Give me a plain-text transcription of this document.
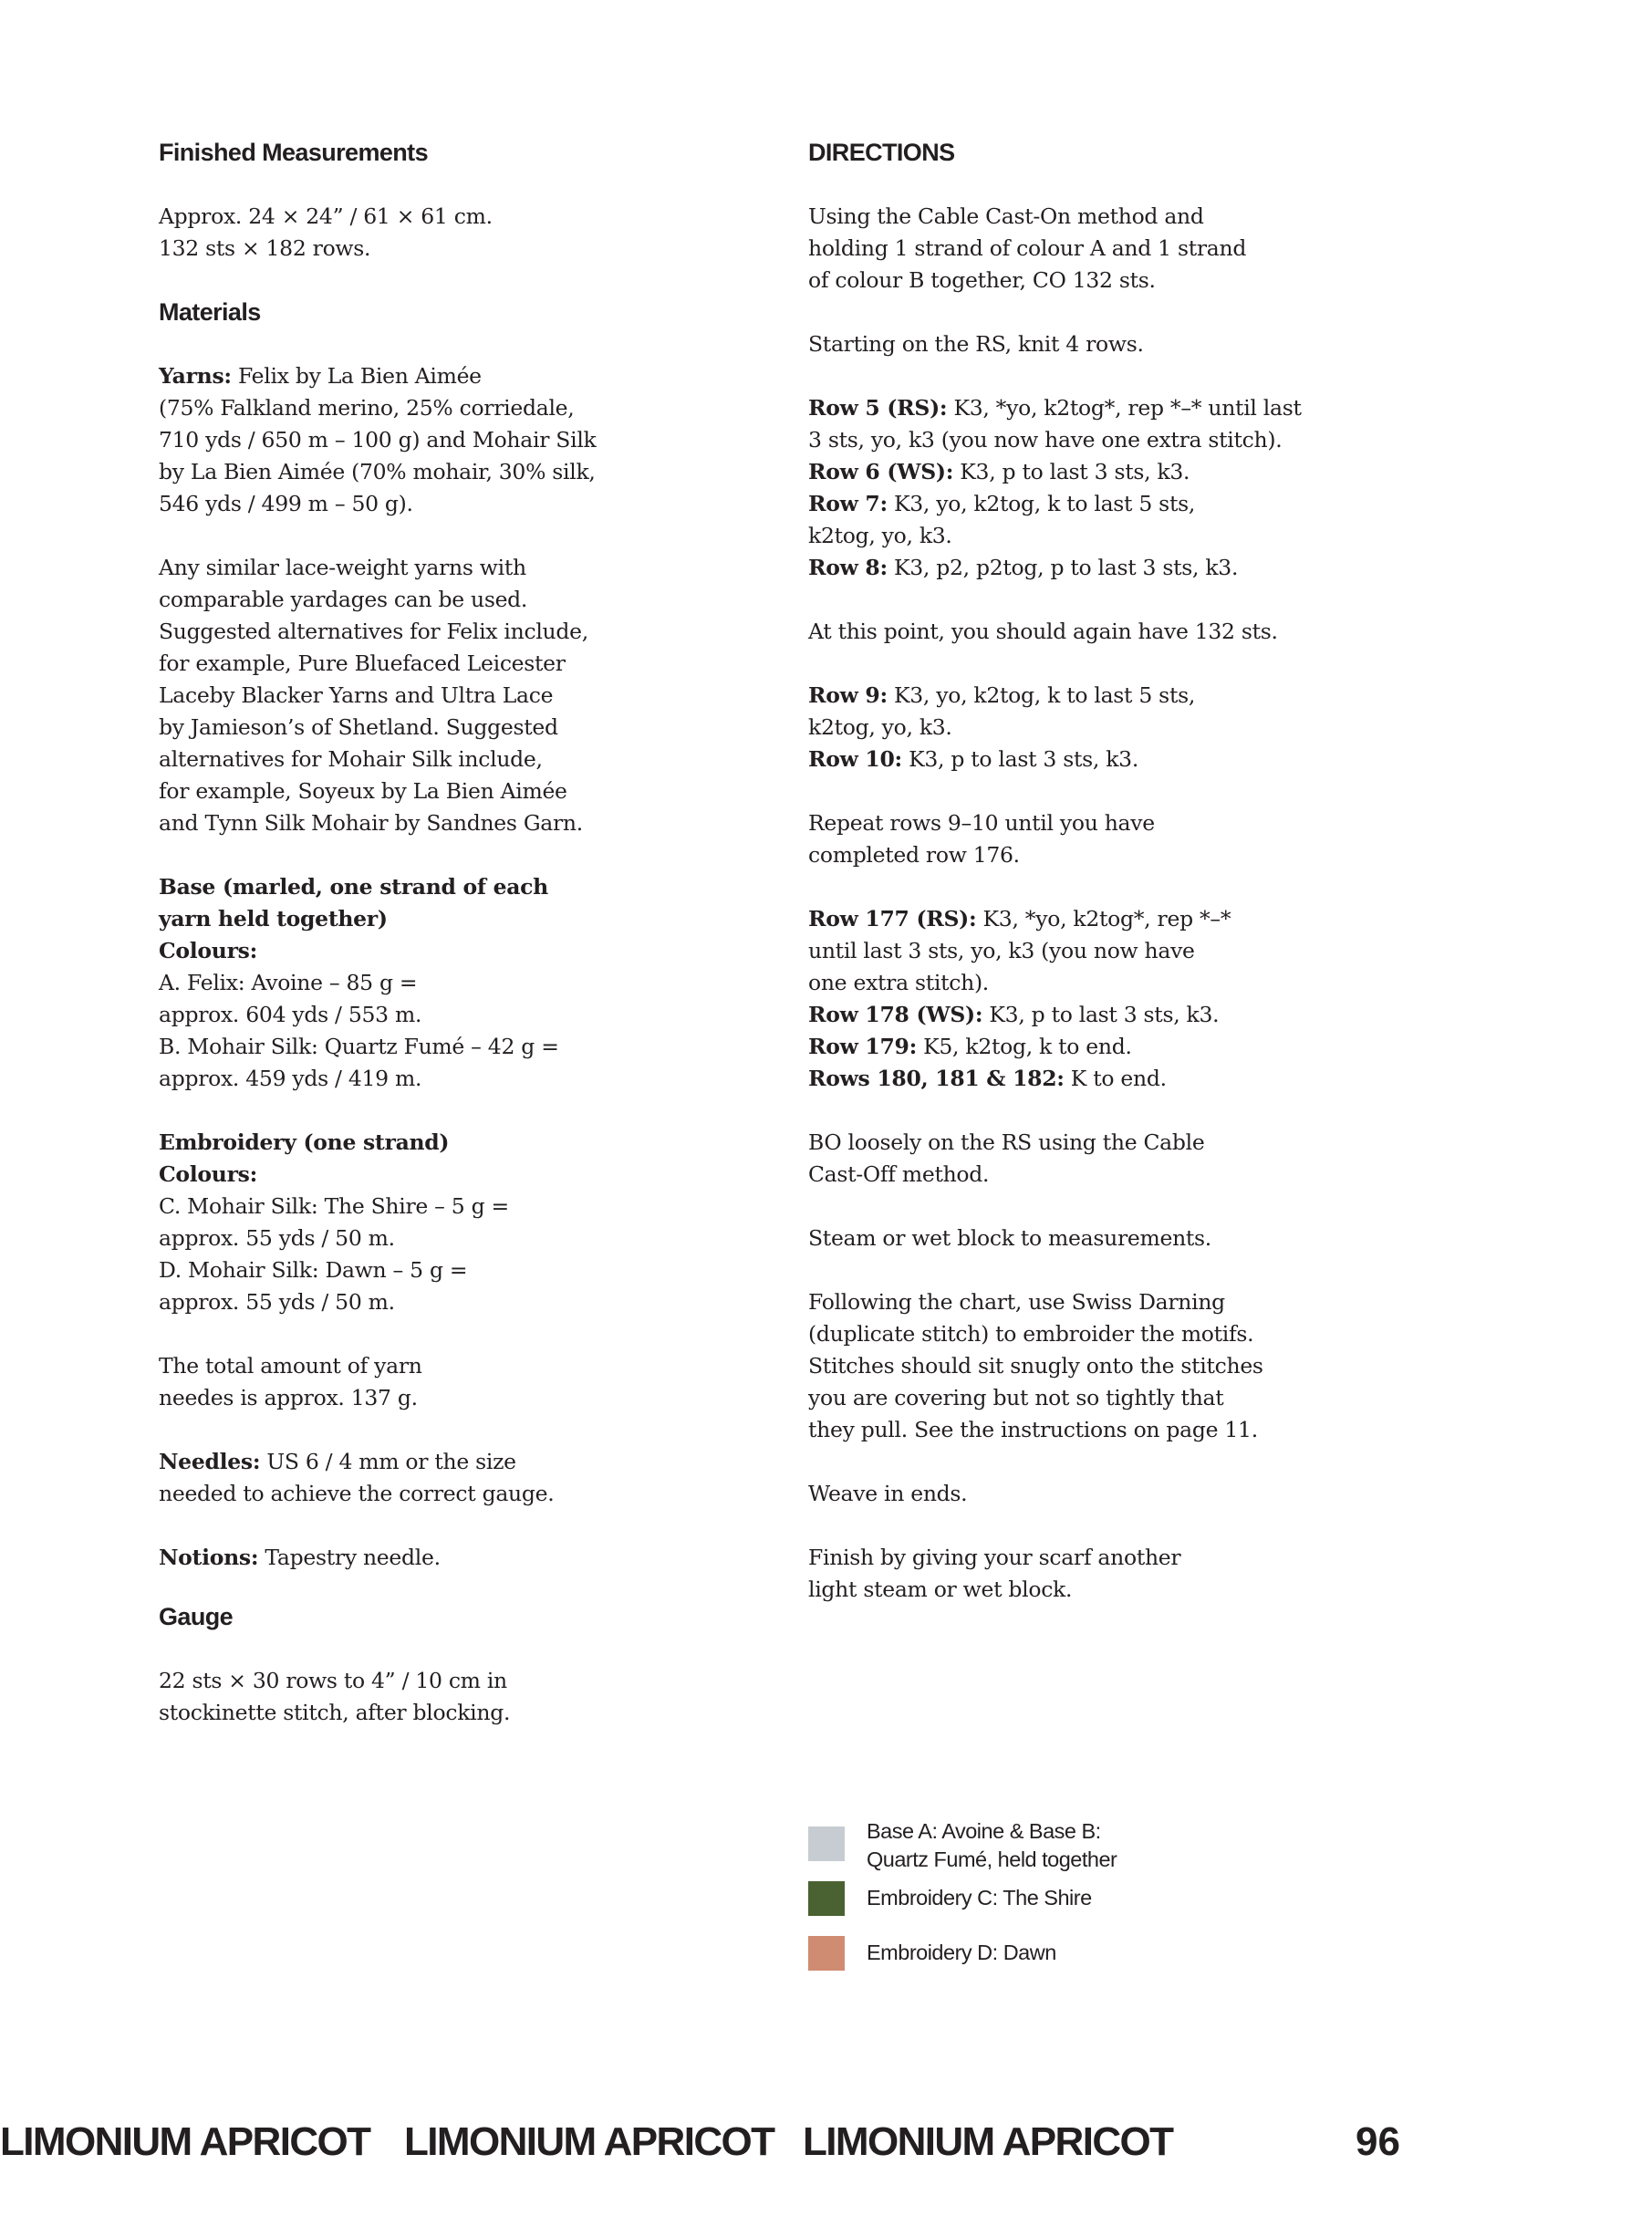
Finished Measurements

Approx. 24 × 24” / 61 × 61 cm.

132 sts × 182 rows.

Materials

Yarns: Felix by La Bien Aimée

(75% Falkland merino, 25% corriedale,

710 yds / 650 m – 100 g) and Mohair Silk

by La Bien Aimée (70% mohair, 30% silk,

546 yds / 499 m – 50 g).

Any similar lace-weight yarns with

comparable yardages can be used.

Suggested alternatives for Felix include,

for example, Pure Bluefaced Leicester

Laceby Blacker Yarns and Ultra Lace

by Jamieson’s of Shetland. Suggested

alternatives for Mohair Silk include,

for example, Soyeux by La Bien Aimée

and Tynn Silk Mohair by Sandnes Garn.

Base (marled, one strand of each

yarn held together)

Colours:

A. Felix: Avoine – 85 g =

approx. 604 yds / 553 m.

B. Mohair Silk: Quartz Fumé – 42 g =

approx. 459 yds / 419 m.

Embroidery (one strand)

Colours:

C. Mohair Silk: The Shire – 5 g =

approx. 55 yds / 50 m.

D. Mohair Silk: Dawn – 5 g =

approx. 55 yds / 50 m.

The total amount of yarn

needes is approx. 137 g.

Needles: US 6 / 4 mm or the size

needed to achieve the correct gauge.

Notions: Tapestry needle.

Gauge

22 sts × 30 rows to 4” / 10 cm in

stockinette stitch, after blocking.

DIRECTIONS

Using the Cable Cast-On method and

holding 1 strand of colour A and 1 strand

of colour B together, CO 132 sts.

Starting on the RS, knit 4 rows.

Row 5 (RS): K3, *yo, k2tog*, rep *–* until last

3 sts, yo, k3 (you now have one extra stitch).

Row 6 (WS): K3, p to last 3 sts, k3.

Row 7: K3, yo, k2tog, k to last 5 sts,

k2tog, yo, k3.

Row 8: K3, p2, p2tog, p to last 3 sts, k3.

At this point, you should again have 132 sts.

Row 9: K3, yo, k2tog, k to last 5 sts,

k2tog, yo, k3.

Row 10: K3, p to last 3 sts, k3.

Repeat rows 9–10 until you have

completed row 176.

Row 177 (RS): K3, *yo, k2tog*, rep *–*

until last 3 sts, yo, k3 (you now have

one extra stitch).

Row 178 (WS): K3, p to last 3 sts, k3.

Row 179: K5, k2tog, k to end.

Rows 180, 181 & 182: K to end.

BO loosely on the RS using the Cable

Cast-Off method.

Steam or wet block to measurements.

Following the chart, use Swiss Darning

(duplicate stitch) to embroider the motifs.

Stitches should sit snugly onto the stitches

you are covering but not so tightly that

they pull. See the instructions on page 11.

Weave in ends.

Finish by giving your scarf another

light steam or wet block.

Base A: Avoine & Base B:
Quartz Fumé, held together
Embroidery C: The Shire
Embroidery D: Dawn
LIMONIUM APRICOT LIMONIUM APRICOT LIMONIUM APRICOT	96
